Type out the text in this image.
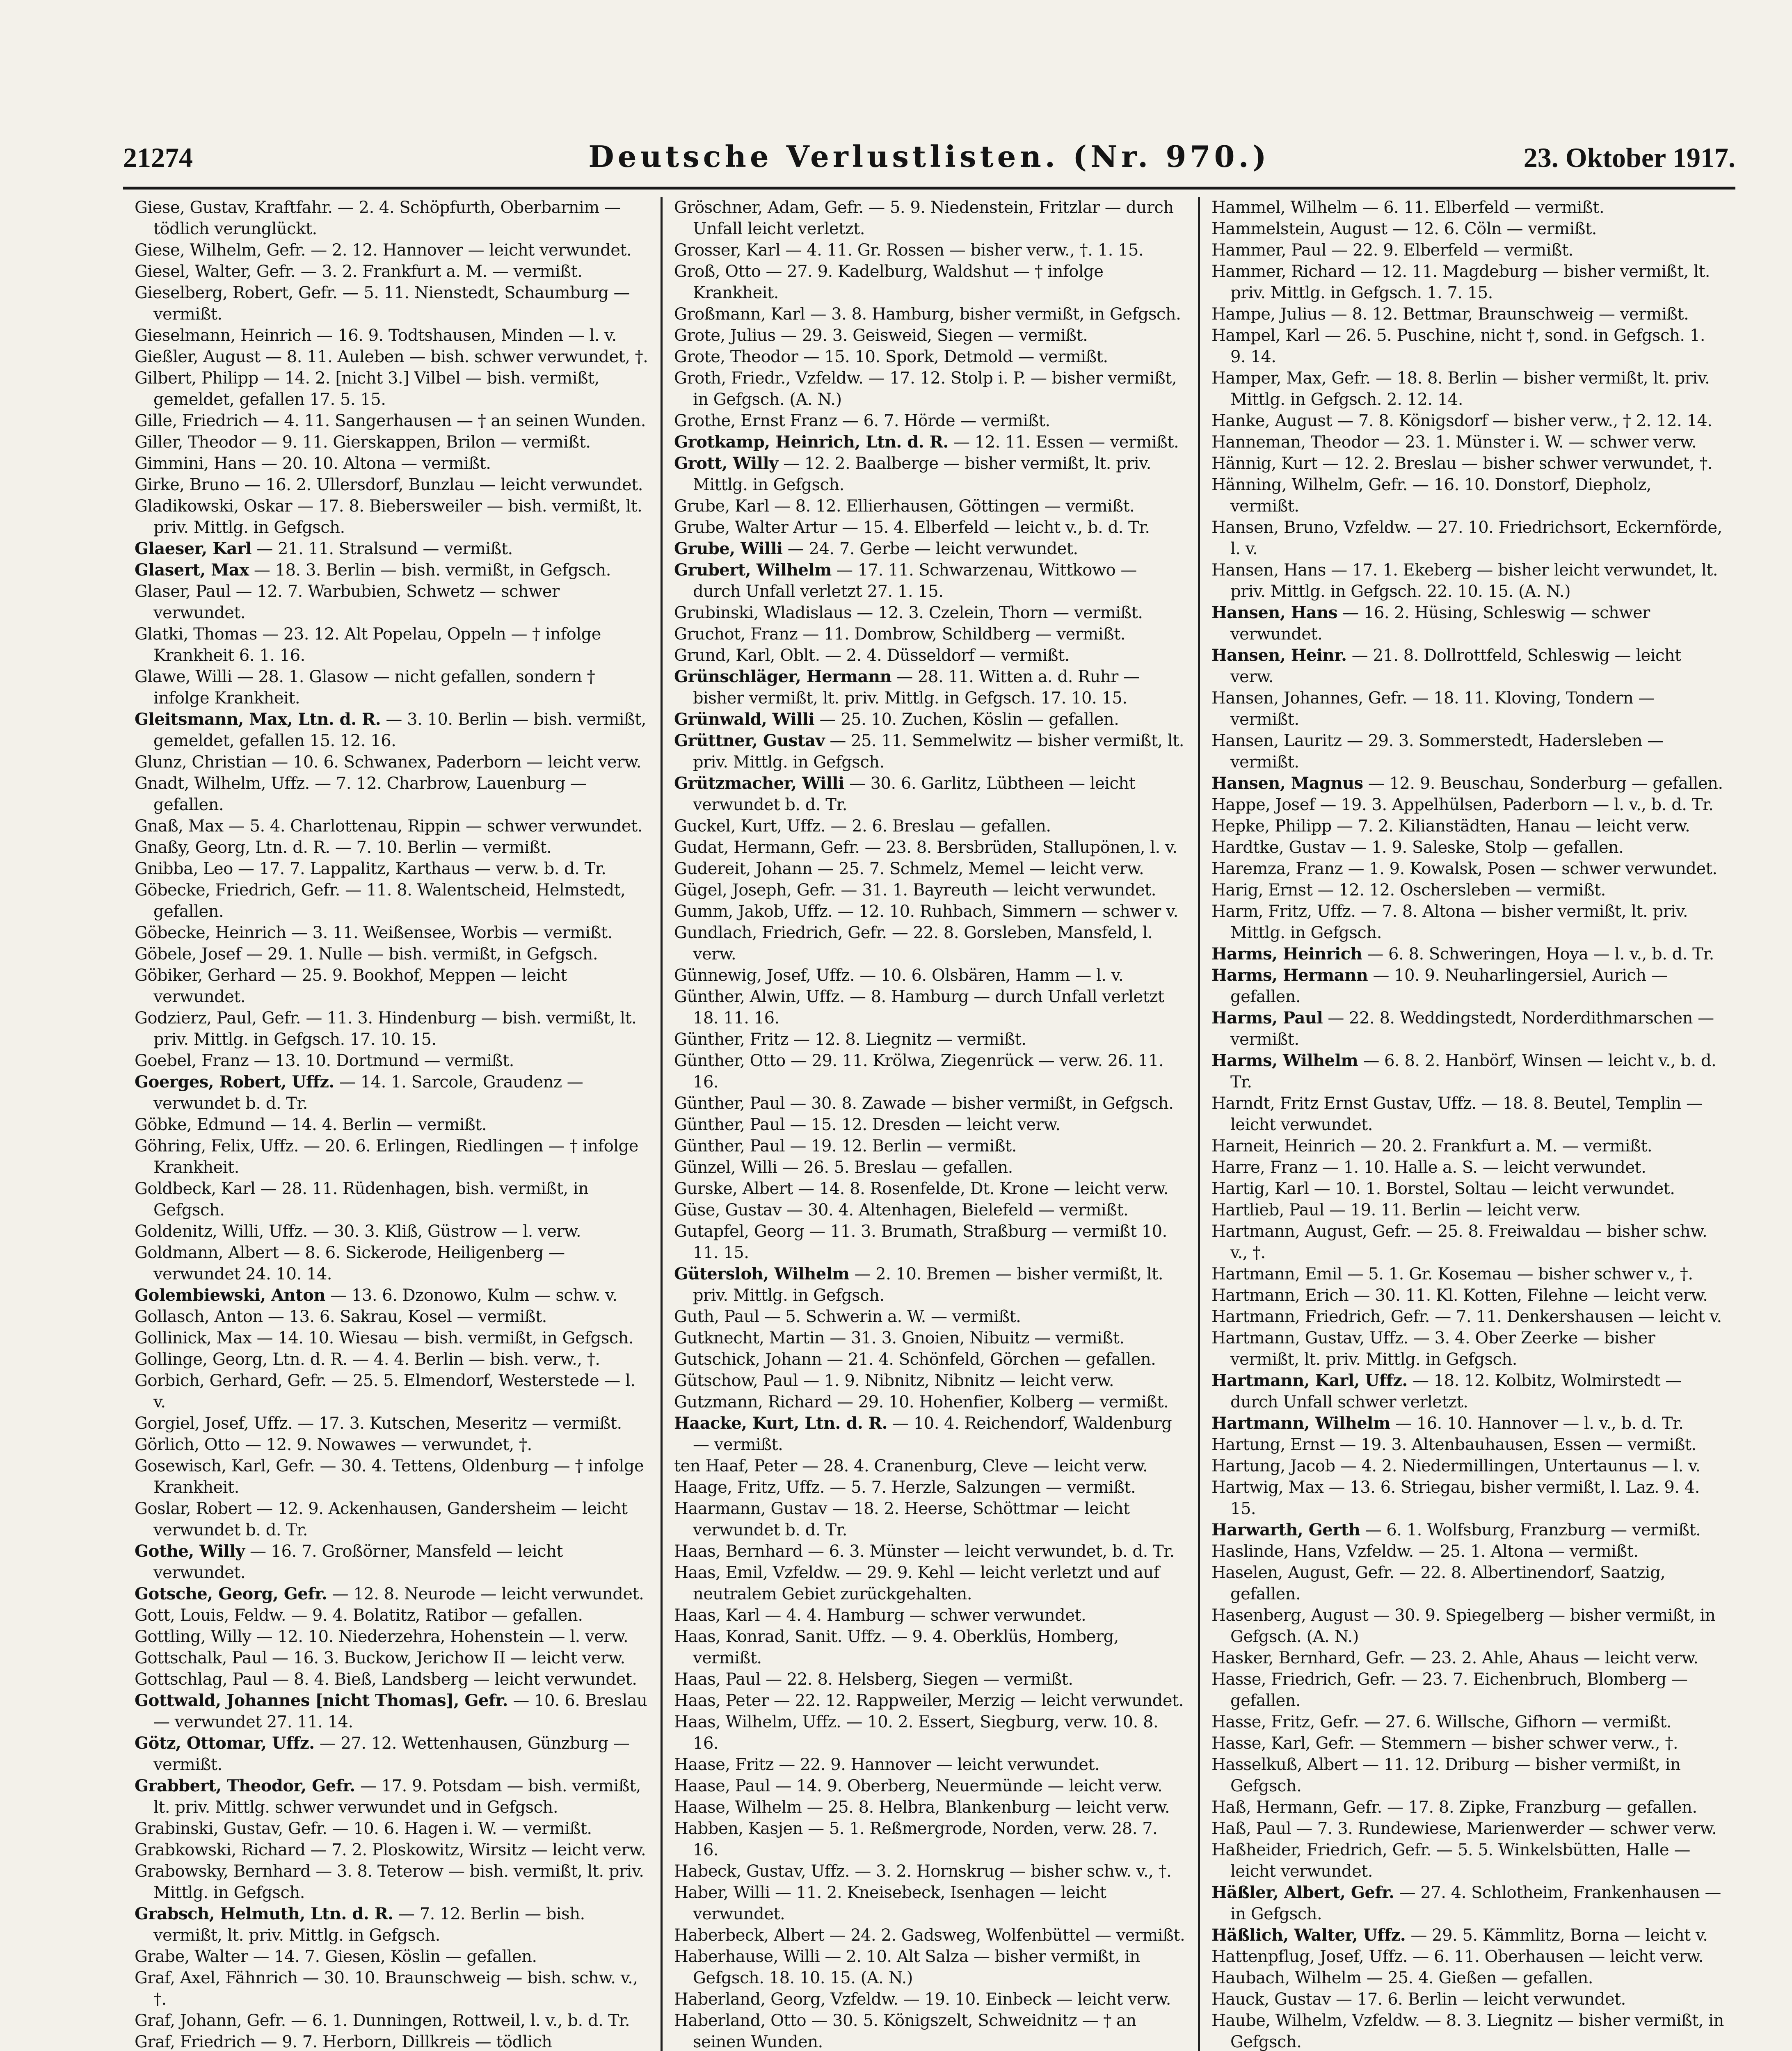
21274	Deutsche Verlustlisten. (Nr. 970.)	23. Oktober 1917.

Giese, Gustav, Kraftfahr. — 2. 4. Schöpfurth, Oberbarnim — tödlich verunglückt.

Giese, Wilhelm, Gefr. — 2. 12. Hannover — leicht verwundet.

Giesel, Walter, Gefr. — 3. 2. Frankfurt a. M. — vermißt.

Gieselberg, Robert, Gefr. — 5. 11. Nienstedt, Schaumburg — vermißt.

Gieselmann, Heinrich — 16. 9. Todtshausen, Minden — l. v.

Gießler, August — 8. 11. Auleben — bish. schwer verwundet, †.

Gilbert, Philipp — 14. 2. [nicht 3.] Vilbel — bish. vermißt, gemeldet, gefallen 17. 5. 15.

Gille, Friedrich — 4. 11. Sangerhausen — † an seinen Wunden.

Giller, Theodor — 9. 11. Gierskappen, Brilon — vermißt.

Gimmini, Hans — 20. 10. Altona — vermißt.

Girke, Bruno — 16. 2. Ullersdorf, Bunzlau — leicht verwundet.

Gladikowski, Oskar — 17. 8. Biebersweiler — bish. vermißt, lt. priv. Mittlg. in Gefgsch.

Glaeser, Karl — 21. 11. Stralsund — vermißt.

Glasert, Max — 18. 3. Berlin — bish. vermißt, in Gefgsch.

Glaser, Paul — 12. 7. Warbubien, Schwetz — schwer verwundet.

Glatki, Thomas — 23. 12. Alt Popelau, Oppeln — † infolge Krankheit 6. 1. 16.

Glawe, Willi — 28. 1. Glasow — nicht gefallen, sondern † infolge Krankheit.

Gleitsmann, Max, Ltn. d. R. — 3. 10. Berlin — bish. vermißt, gemeldet, gefallen 15. 12. 16.

Glunz, Christian — 10. 6. Schwanex, Paderborn — leicht verw.

Gnadt, Wilhelm, Uffz. — 7. 12. Charbrow, Lauenburg — gefallen.

Gnaß, Max — 5. 4. Charlottenau, Rippin — schwer verwundet.

Gnaßy, Georg, Ltn. d. R. — 7. 10. Berlin — vermißt.

Gnibba, Leo — 17. 7. Lappalitz, Karthaus — verw. b. d. Tr.

Göbecke, Friedrich, Gefr. — 11. 8. Walentscheid, Helmstedt, gefallen.

Göbecke, Heinrich — 3. 11. Weißensee, Worbis — vermißt.

Göbele, Josef — 29. 1. Nulle — bish. vermißt, in Gefgsch.

Göbiker, Gerhard — 25. 9. Bookhof, Meppen — leicht verwundet.

Godzierz, Paul, Gefr. — 11. 3. Hindenburg — bish. vermißt, lt. priv. Mittlg. in Gefgsch. 17. 10. 15.

Goebel, Franz — 13. 10. Dortmund — vermißt.

Goerges, Robert, Uffz. — 14. 1. Sarcole, Graudenz — verwundet b. d. Tr.

Göbke, Edmund — 14. 4. Berlin — vermißt.

Göhring, Felix, Uffz. — 20. 6. Erlingen, Riedlingen — † infolge Krankheit.

Goldbeck, Karl — 28. 11. Rüdenhagen, bish. vermißt, in Gefgsch.

Goldenitz, Willi, Uffz. — 30. 3. Kliß, Güstrow — l. verw.

Goldmann, Albert — 8. 6. Sickerode, Heiligenberg — verwundet 24. 10. 14.

Golembiewski, Anton — 13. 6. Dzonowo, Kulm — schw. v.

Gollasch, Anton — 13. 6. Sakrau, Kosel — vermißt.

Gollinick, Max — 14. 10. Wiesau — bish. vermißt, in Gefgsch.

Gollinge, Georg, Ltn. d. R. — 4. 4. Berlin — bish. verw., †.

Gorbich, Gerhard, Gefr. — 25. 5. Elmendorf, Westerstede — l. v.

Gorgiel, Josef, Uffz. — 17. 3. Kutschen, Meseritz — vermißt.

Görlich, Otto — 12. 9. Nowawes — verwundet, †.

Gosewisch, Karl, Gefr. — 30. 4. Tettens, Oldenburg — † infolge Krankheit.

Goslar, Robert — 12. 9. Ackenhausen, Gandersheim — leicht verwundet b. d. Tr.

Gothe, Willy — 16. 7. Großörner, Mansfeld — leicht verwundet.

Gotsche, Georg, Gefr. — 12. 8. Neurode — leicht verwundet.

Gott, Louis, Feldw. — 9. 4. Bolatitz, Ratibor — gefallen.

Gottling, Willy — 12. 10. Niederzehra, Hohenstein — l. verw.

Gottschalk, Paul — 16. 3. Buckow, Jerichow II — leicht verw.

Gottschlag, Paul — 8. 4. Bieß, Landsberg — leicht verwundet.

Gottwald, Johannes [nicht Thomas], Gefr. — 10. 6. Breslau — verwundet 27. 11. 14.

Götz, Ottomar, Uffz. — 27. 12. Wettenhausen, Günzburg — vermißt.

Grabbert, Theodor, Gefr. — 17. 9. Potsdam — bish. vermißt, lt. priv. Mittlg. schwer verwundet und in Gefgsch.

Grabinski, Gustav, Gefr. — 10. 6. Hagen i. W. — vermißt.

Grabkowski, Richard — 7. 2. Ploskowitz, Wirsitz — leicht verw.

Grabowsky, Bernhard — 3. 8. Teterow — bish. vermißt, lt. priv. Mittlg. in Gefgsch.

Grabsch, Helmuth, Ltn. d. R. — 7. 12. Berlin — bish. vermißt, lt. priv. Mittlg. in Gefgsch.

Grabe, Walter — 14. 7. Giesen, Köslin — gefallen.

Graf, Axel, Fähnrich — 30. 10. Braunschweig — bish. schw. v., †.

Graf, Johann, Gefr. — 6. 1. Dunningen, Rottweil, l. v., b. d. Tr.

Graf, Friedrich — 9. 7. Herborn, Dillkreis — tödlich

Gröschner, Adam, Gefr. — 5. 9. Niedenstein, Fritzlar — durch Unfall leicht verletzt.

Grosser, Karl — 4. 11. Gr. Rossen — bisher verw., †. 1. 15.

Groß, Otto — 27. 9. Kadelburg, Waldshut — † infolge Krankheit.

Großmann, Karl — 3. 8. Hamburg, bisher vermißt, in Gefgsch.

Grote, Julius — 29. 3. Geisweid, Siegen — vermißt.

Grote, Theodor — 15. 10. Spork, Detmold — vermißt.

Groth, Friedr., Vzfeldw. — 17. 12. Stolp i. P. — bisher vermißt, in Gefgsch. (A. N.)

Grothe, Ernst Franz — 6. 7. Hörde — vermißt.

Grotkamp, Heinrich, Ltn. d. R. — 12. 11. Essen — vermißt.

Grott, Willy — 12. 2. Baalberge — bisher vermißt, lt. priv. Mittlg. in Gefgsch.

Grube, Karl — 8. 12. Ellierhausen, Göttingen — vermißt.

Grube, Walter Artur — 15. 4. Elberfeld — leicht v., b. d. Tr.

Grube, Willi — 24. 7. Gerbe — leicht verwundet.

Grubert, Wilhelm — 17. 11. Schwarzenau, Wittkowo — durch Unfall verletzt 27. 1. 15.

Grubinski, Wladislaus — 12. 3. Czelein, Thorn — vermißt.

Gruchot, Franz — 11. Dombrow, Schildberg — vermißt.

Grund, Karl, Oblt. — 2. 4. Düsseldorf — vermißt.

Grünschläger, Hermann — 28. 11. Witten a. d. Ruhr — bisher vermißt, lt. priv. Mittlg. in Gefgsch. 17. 10. 15.

Grünwald, Willi — 25. 10. Zuchen, Köslin — gefallen.

Grüttner, Gustav — 25. 11. Semmelwitz — bisher vermißt, lt. priv. Mittlg. in Gefgsch.

Grützmacher, Willi — 30. 6. Garlitz, Lübtheen — leicht verwundet b. d. Tr.

Guckel, Kurt, Uffz. — 2. 6. Breslau — gefallen.

Gudat, Hermann, Gefr. — 23. 8. Bersbrüden, Stallupönen, l. v.

Gudereit, Johann — 25. 7. Schmelz, Memel — leicht verw.

Gügel, Joseph, Gefr. — 31. 1. Bayreuth — leicht verwundet.

Gumm, Jakob, Uffz. — 12. 10. Ruhbach, Simmern — schwer v.

Gundlach, Friedrich, Gefr. — 22. 8. Gorsleben, Mansfeld, l. verw.

Günnewig, Josef, Uffz. — 10. 6. Olsbären, Hamm — l. v.

Günther, Alwin, Uffz. — 8. Hamburg — durch Unfall verletzt 18. 11. 16.

Günther, Fritz — 12. 8. Liegnitz — vermißt.

Günther, Otto — 29. 11. Krölwa, Ziegenrück — verw. 26. 11. 16.

Günther, Paul — 30. 8. Zawade — bisher vermißt, in Gefgsch.

Günther, Paul — 15. 12. Dresden — leicht verw.

Günther, Paul — 19. 12. Berlin — vermißt.

Günzel, Willi — 26. 5. Breslau — gefallen.

Gurske, Albert — 14. 8. Rosenfelde, Dt. Krone — leicht verw.

Güse, Gustav — 30. 4. Altenhagen, Bielefeld — vermißt.

Gutapfel, Georg — 11. 3. Brumath, Straßburg — vermißt 10. 11. 15.

Gütersloh, Wilhelm — 2. 10. Bremen — bisher vermißt, lt. priv. Mittlg. in Gefgsch.

Guth, Paul — 5. Schwerin a. W. — vermißt.

Gutknecht, Martin — 31. 3. Gnoien, Nibuitz — vermißt.

Gutschick, Johann — 21. 4. Schönfeld, Görchen — gefallen.

Gütschow, Paul — 1. 9. Nibnitz, Nibnitz — leicht verw.

Gutzmann, Richard — 29. 10. Hohenfier, Kolberg — vermißt.

Haacke, Kurt, Ltn. d. R. — 10. 4. Reichendorf, Waldenburg — vermißt.

ten Haaf, Peter — 28. 4. Cranenburg, Cleve — leicht verw.

Haage, Fritz, Uffz. — 5. 7. Herzle, Salzungen — vermißt.

Haarmann, Gustav — 18. 2. Heerse, Schöttmar — leicht verwundet b. d. Tr.

Haas, Bernhard — 6. 3. Münster — leicht verwundet, b. d. Tr.

Haas, Emil, Vzfeldw. — 29. 9. Kehl — leicht verletzt und auf neutralem Gebiet zurückgehalten.

Haas, Karl — 4. 4. Hamburg — schwer verwundet.

Haas, Konrad, Sanit. Uffz. — 9. 4. Oberklüs, Homberg, vermißt.

Haas, Paul — 22. 8. Helsberg, Siegen — vermißt.

Haas, Peter — 22. 12. Rappweiler, Merzig — leicht verwundet.

Haas, Wilhelm, Uffz. — 10. 2. Essert, Siegburg, verw. 10. 8. 16.

Haase, Fritz — 22. 9. Hannover — leicht verwundet.

Haase, Paul — 14. 9. Oberberg, Neuermünde — leicht verw.

Haase, Wilhelm — 25. 8. Helbra, Blankenburg — leicht verw.

Habben, Kasjen — 5. 1. Reßmergrode, Norden, verw. 28. 7. 16.

Habeck, Gustav, Uffz. — 3. 2. Hornskrug — bisher schw. v., †.

Haber, Willi — 11. 2. Kneisebeck, Isenhagen — leicht verwundet.

Haberbeck, Albert — 24. 2. Gadsweg, Wolfenbüttel — vermißt.

Haberhause, Willi — 2. 10. Alt Salza — bisher vermißt, in Gefgsch. 18. 10. 15. (A. N.)

Haberland, Georg, Vzfeldw. — 19. 10. Einbeck — leicht verw.

Haberland, Otto — 30. 5. Königszelt, Schweidnitz — † an seinen Wunden.

Hammel, Wilhelm — 6. 11. Elberfeld — vermißt.

Hammelstein, August — 12. 6. Cöln — vermißt.

Hammer, Paul — 22. 9. Elberfeld — vermißt.

Hammer, Richard — 12. 11. Magdeburg — bisher vermißt, lt. priv. Mittlg. in Gefgsch. 1. 7. 15.

Hampe, Julius — 8. 12. Bettmar, Braunschweig — vermißt.

Hampel, Karl — 26. 5. Puschine, nicht †, sond. in Gefgsch. 1. 9. 14.

Hamper, Max, Gefr. — 18. 8. Berlin — bisher vermißt, lt. priv. Mittlg. in Gefgsch. 2. 12. 14.

Hanke, August — 7. 8. Königsdorf — bisher verw., † 2. 12. 14.

Hanneman, Theodor — 23. 1. Münster i. W. — schwer verw.

Hännig, Kurt — 12. 2. Breslau — bisher schwer verwundet, †.

Hänning, Wilhelm, Gefr. — 16. 10. Donstorf, Diepholz, vermißt.

Hansen, Bruno, Vzfeldw. — 27. 10. Friedrichsort, Eckernförde, l. v.

Hansen, Hans — 17. 1. Ekeberg — bisher leicht verwundet, lt. priv. Mittlg. in Gefgsch. 22. 10. 15. (A. N.)

Hansen, Hans — 16. 2. Hüsing, Schleswig — schwer verwundet.

Hansen, Heinr. — 21. 8. Dollrottfeld, Schleswig — leicht verw.

Hansen, Johannes, Gefr. — 18. 11. Kloving, Tondern — vermißt.

Hansen, Lauritz — 29. 3. Sommerstedt, Hadersleben — vermißt.

Hansen, Magnus — 12. 9. Beuschau, Sonderburg — gefallen.

Happe, Josef — 19. 3. Appelhülsen, Paderborn — l. v., b. d. Tr.

Hepke, Philipp — 7. 2. Kilianstädten, Hanau — leicht verw.

Hardtke, Gustav — 1. 9. Saleske, Stolp — gefallen.

Haremza, Franz — 1. 9. Kowalsk, Posen — schwer verwundet.

Harig, Ernst — 12. 12. Oschersleben — vermißt.

Harm, Fritz, Uffz. — 7. 8. Altona — bisher vermißt, lt. priv. Mittlg. in Gefgsch.

Harms, Heinrich — 6. 8. Schweringen, Hoya — l. v., b. d. Tr.

Harms, Hermann — 10. 9. Neuharlingersiel, Aurich — gefallen.

Harms, Paul — 22. 8. Weddingstedt, Norderdithmarschen — vermißt.

Harms, Wilhelm — 6. 8. 2. Hanbörf, Winsen — leicht v., b. d. Tr.

Harndt, Fritz Ernst Gustav, Uffz. — 18. 8. Beutel, Templin — leicht verwundet.

Harneit, Heinrich — 20. 2. Frankfurt a. M. — vermißt.

Harre, Franz — 1. 10. Halle a. S. — leicht verwundet.

Hartig, Karl — 10. 1. Borstel, Soltau — leicht verwundet.

Hartlieb, Paul — 19. 11. Berlin — leicht verw.

Hartmann, August, Gefr. — 25. 8. Freiwaldau — bisher schw. v., †.

Hartmann, Emil — 5. 1. Gr. Kosemau — bisher schwer v., †.

Hartmann, Erich — 30. 11. Kl. Kotten, Filehne — leicht verw.

Hartmann, Friedrich, Gefr. — 7. 11. Denkershausen — leicht v.

Hartmann, Gustav, Uffz. — 3. 4. Ober Zeerke — bisher vermißt, lt. priv. Mittlg. in Gefgsch.

Hartmann, Karl, Uffz. — 18. 12. Kolbitz, Wolmirstedt — durch Unfall schwer verletzt.

Hartmann, Wilhelm — 16. 10. Hannover — l. v., b. d. Tr.

Hartung, Ernst — 19. 3. Altenbauhausen, Essen — vermißt.

Hartung, Jacob — 4. 2. Niedermillingen, Untertaunus — l. v.

Hartwig, Max — 13. 6. Striegau, bisher vermißt, l. Laz. 9. 4. 15.

Harwarth, Gerth — 6. 1. Wolfsburg, Franzburg — vermißt.

Haslinde, Hans, Vzfeldw. — 25. 1. Altona — vermißt.

Haselen, August, Gefr. — 22. 8. Albertinendorf, Saatzig, gefallen.

Hasenberg, August — 30. 9. Spiegelberg — bisher vermißt, in Gefgsch. (A. N.)

Hasker, Bernhard, Gefr. — 23. 2. Ahle, Ahaus — leicht verw.

Hasse, Friedrich, Gefr. — 23. 7. Eichenbruch, Blomberg — gefallen.

Hasse, Fritz, Gefr. — 27. 6. Willsche, Gifhorn — vermißt.

Hasse, Karl, Gefr. — Stemmern — bisher schwer verw., †.

Hasselkuß, Albert — 11. 12. Driburg — bisher vermißt, in Gefgsch.

Haß, Hermann, Gefr. — 17. 8. Zipke, Franzburg — gefallen.

Haß, Paul — 7. 3. Rundewiese, Marienwerder — schwer verw.

Haßheider, Friedrich, Gefr. — 5. 5. Winkelsbütten, Halle — leicht verwundet.

Häßler, Albert, Gefr. — 27. 4. Schlotheim, Frankenhausen — in Gefgsch.

Häßlich, Walter, Uffz. — 29. 5. Kämmlitz, Borna — leicht v.

Hattenpflug, Josef, Uffz. — 6. 11. Oberhausen — leicht verw.

Haubach, Wilhelm — 25. 4. Gießen — gefallen.

Hauck, Gustav — 17. 6. Berlin — leicht verwundet.

Haube, Wilhelm, Vzfeldw. — 8. 3. Liegnitz — bisher vermißt, in Gefgsch.
